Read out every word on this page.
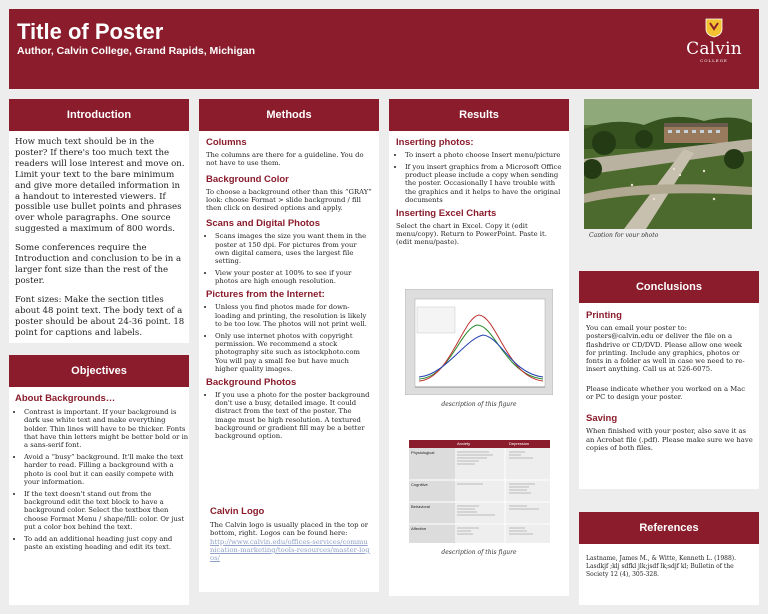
Title of Poster
Author, Calvin College, Grand Rapids, Michigan	Calvin
COLLEGE
Introduction

How much text should be in the poster? If there's too much text the readers will lose interest and move on. Limit your text to the bare minimum and give more detailed information in a handout to interested viewers. If possible use bullet points and phrases over whole paragraphs. One source suggested a maximum of 800 words.

Some conferences require the Introduction and conclusion to be in a larger font size than the rest of the poster.

Font sizes: Make the section titles about 48 point text. The body text of a poster should be about 24-36 point. 18 point for captions and labels.

Objectives
About Backgrounds…
• Contrast is important. If your background is dark use white text and make everything bolder. Thin lines will have to be thicker. Fonts that have thin letters might be better bold or in a sans-serif font.
• Avoid a “busy” background. It'll make the text harder to read. Filling a background with a photo is cool but it can easily compete with your information.
• If the text doesn't stand out from the background edit the text block to have a background color. Select the textbox then choose Format Menu / shape/fill: color. Or just put a color box behind the text.
• To add an additional heading just copy and paste an existing heading and edit its text.
Methods
Columns

The columns are there for a guideline. You do not have to use them.

Background Color

To choose a background other than this “GRAY” look: choose Format > slide background / fill then click on desired options and apply.

Scans and Digital Photos
• Scans images the size you want them in the poster at 150 dpi. For pictures from your own digital camera, uses the largest file setting.
• View your poster at 100% to see if your photos are high enough resolution.
Pictures from the Internet:
• Unless you find photos made for down-loading and printing, the resolution is likely to be too low. The photos will not print well.
• Only use internet photos with copyright permission. We recommend a stock photography site such as istockphoto.com You will pay a small fee but have much higher quality images.
Background Photos
• If you use a photo for the poster background don't use a busy, detailed image. It could distract from the text of the poster. The image must be high resolution. A textured background or gradient fill may be a better background option.
Calvin Logo

The Calvin logo is usually placed in the top or bottom, right. Logos can be found here:

http://www.calvin.edu/offices-services/communication-marketing/tools-resources/master-logos/

Results
Inserting photos:
• To insert a photo choose Insert menu/picture
• If you insert graphics from a Microsoft Office product please include a copy when sending the poster. Occasionally I have trouble with the graphics and it helps to have the original documents
Inserting Excel Charts

Select the chart in Excel. Copy it (edit menu/copy). Return to PowerPoint. Paste it. (edit menu/paste).

description of this figure
Anxiety	Depression
Physiological
Cognitive
Behavioral
Affective
description of this figure
Caption for your photo
Conclusions
Printing

You can email your poster to: posters@calvin.edu or deliver the file on a flashdrive or CD/DVD. Please allow one week for printing. Include any graphics, photos or fonts in a folder as well in case we need to re-insert anything. Call us at 526-6075.

Please indicate whether you worked on a Mac or PC to design your poster.

Saving

When finished with your poster, also save it as an Acrobat file (.pdf). Please make sure we have copies of both files.

References

Lastname, James M., & Witte, Kenneth L. (1988). Lasdkjf ;klj sdfkl jlk;jsdf lk;sdjf kl; Bulletin of the Society 12 (4), 305-328.
